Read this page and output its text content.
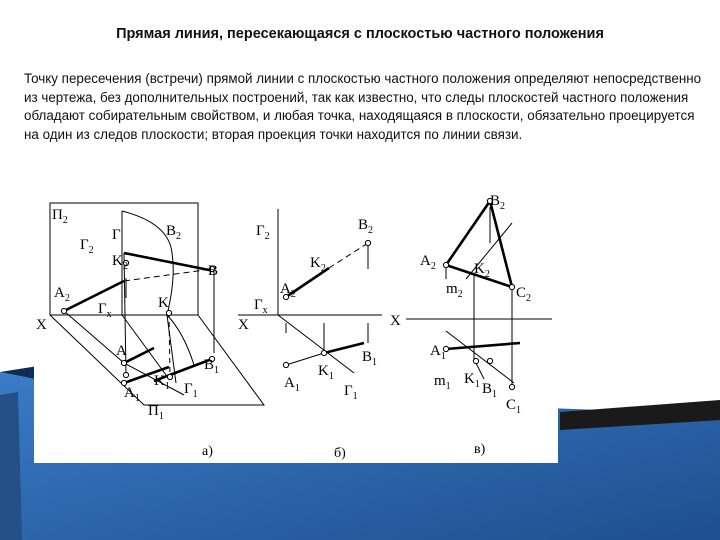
Прямая линия, пересекающаяся с плоскостью частного положения

Точку пересечения (встречи) прямой линии с плоскостью частного положения определяют непосредственно из чертежа, без дополнительных построений, так как известно, что следы плоскостей частного положения обладают собирательным свойством, и любая точка, находящаяся в плоскости, обязательно проецируется на один из следов плоскости; вторая проекция точки находится по линии связи.

$П_2$
$Г_2$
Г	$B_2$
$K_2$	B
$A_2$
$Г_x$
K
X
A
$B_1$
$K_1$ $Г_1$
$A_1$
$П_1$
а)
$Г_2$
$B_2$
$K_2$
$A_2$
$Г_x$
X
$B_1$
$A_1$
$K_1$
$Г_1$
б)
$B_2$
$A_2$	$K_2$
$m_2$	$C_2$
X
$A_1$
$m_1$ $K_1$ $B_1$
$C_1$
в)
